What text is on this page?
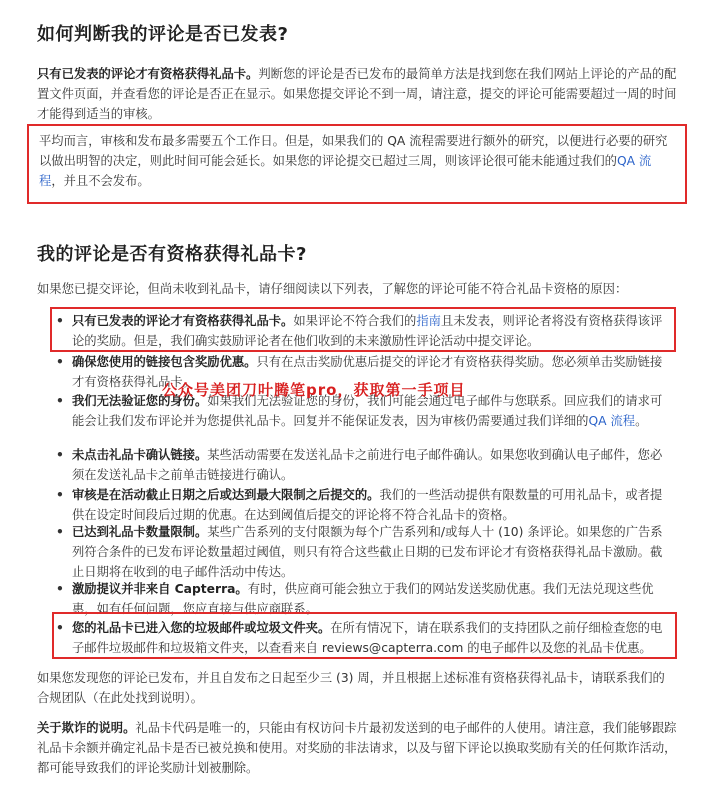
如何判断我的评论是否已发表?
只有已发表的评论才有资格获得礼品卡。判断您的评论是否已发布的最简单方法是找到您在我们网站上评论的产品的配置文件页面，并查看您的评论是否正在显示。如果您提交评论不到一周，请注意，提交的评论可能需要超过一周的时间才能得到适当的审核。
平均而言，审核和发布最多需要五个工作日。但是，如果我们的 QA 流程需要进行额外的研究，以便进行必要的研究以做出明智的决定，则此时间可能会延长。如果您的评论提交已超过三周，则该评论很可能未能通过我们的QA 流程，并且不会发布。
我的评论是否有资格获得礼品卡?
如果您已提交评论，但尚未收到礼品卡，请仔细阅读以下列表，了解您的评论可能不符合礼品卡资格的原因：
• 只有已发表的评论才有资格获得礼品卡。如果评论不符合我们的指南且未发表，则评论者将没有资格获得该评论的奖励。但是，我们确实鼓励评论者在他们收到的未来激励性评论活动中提交评论。
• 确保您使用的链接包含奖励优惠。只有在点击奖励优惠后提交的评论才有资格获得奖励。您必须单击奖励链接才有资格获得礼品卡。
• 我们无法验证您的身份。如果我们无法验证您的身份，我们可能会通过电子邮件与您联系。回应我们的请求可能会让我们发布评论并为您提供礼品卡。回复并不能保证发表，因为审核仍需要通过我们详细的QA 流程。
• 未点击礼品卡确认链接。某些活动需要在发送礼品卡之前进行电子邮件确认。如果您收到确认电子邮件，您必须在发送礼品卡之前单击链接进行确认。
• 审核是在活动截止日期之后或达到最大限制之后提交的。我们的一些活动提供有限数量的可用礼品卡，或者提供在设定时间段后过期的优惠。在达到阈值后提交的评论将不符合礼品卡的资格。
• 已达到礼品卡数量限制。某些广告系列的支付限额为每个广告系列和/或每人十 (10) 条评论。如果您的广告系列符合条件的已发布评论数量超过阈值，则只有符合这些截止日期的已发布评论才有资格获得礼品卡激励。截止日期将在收到的电子邮件活动中传达。
• 激励提议并非来自 Capterra。有时，供应商可能会独立于我们的网站发送奖励优惠。我们无法兑现这些优惠，如有任何问题，您应直接与供应商联系。
• 您的礼品卡已进入您的垃圾邮件或垃圾文件夹。在所有情况下，请在联系我们的支持团队之前仔细检查您的电子邮件垃圾邮件和垃圾箱文件夹，以查看来自 reviews@capterra.com 的电子邮件以及您的礼品卡优惠。
如果您发现您的评论已发布，并且自发布之日起至少三 (3) 周，并且根据上述标准有资格获得礼品卡，请联系我们的合规团队（在此处找到说明）。
关于欺诈的说明。礼品卡代码是唯一的，只能由有权访问卡片最初发送到的电子邮件的人使用。请注意，我们能够跟踪礼品卡余额并确定礼品卡是否已被兑换和使用。对奖励的非法请求，以及与留下评论以换取奖励有关的任何欺诈活动，都可能导致我们的评论奖励计划被删除。
公众号美团刀叶腾笔pro，获取第一手项目
